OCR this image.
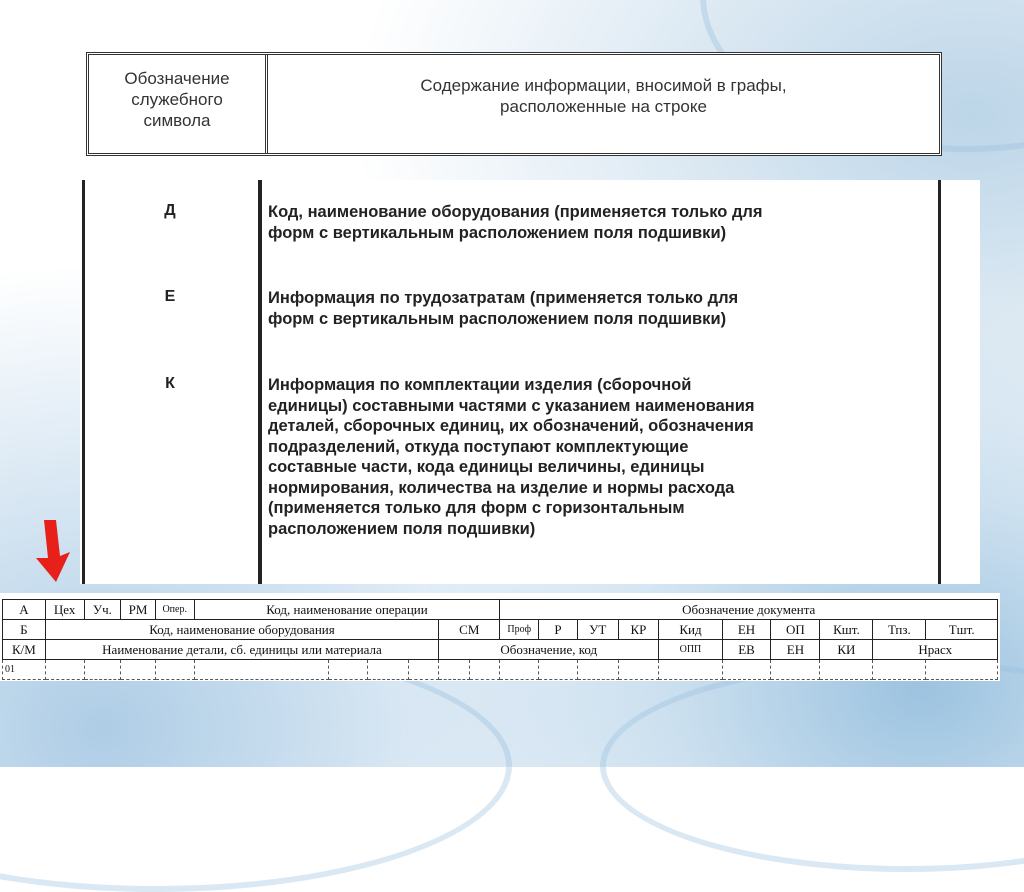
Обозначение
служебного
символа
Содержание информации, вносимой в графы,
расположенные на строке
Д	Код, наименование оборудования (применяется только для
форм с вертикальным расположением поля подшивки)
Е	Информация по трудозатратам (применяется только для
форм с вертикальным расположением поля подшивки)
К	Информация по комплектации изделия (сборочной
единицы) составными частями с указанием наименования
деталей, сборочных единиц, их обозначений, обозначения
подразделений, откуда поступают комплектующие
составные части, кода единицы величины, единицы
нормирования, количества на изделие и нормы расхода
(применяется только для форм с горизонтальным
расположением поля подшивки)
А	Цех	Уч.	РМ	Опер.	Код, наименование операции						Обозначение документа									
Б	Код, наименование оборудования								СМ		Проф	Р	УТ	КР	Кид	ЕН	ОП	Кшт.	Тпз.	Тшт.
К/М	Наименование детали, сб. единицы или материала								Обозначение, код						ОПП	ЕВ	ЕН	КИ	Нрасх	
01																				
